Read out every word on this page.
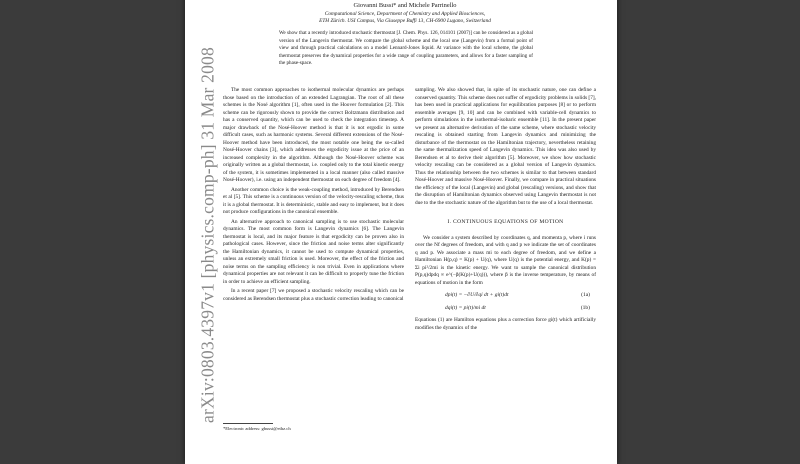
Giovanni Bussi* and Michele Parrinello
Computational Science, Department of Chemistry and Applied Biosciences,
ETH Zürich. USI Campus, Via Giuseppe Buffi 13, CH-6900 Lugano, Switzerland
We show that a recently introduced stochastic thermostat [J. Chem. Phys. 126, 014101 (2007)] can be considered as a global version of the Langevin thermostat. We compare the global scheme and the local one (Langevin) from a formal point of view and through practical calculations on a model Lennard-Jones liquid. At variance with the local scheme, the global thermostat preserves the dynamical properties for a wide range of coupling parameters, and allows for a faster sampling of the phase-space.

The most common approaches to isothermal molecular dynamics are perhaps those based on the introduction of an extended Lagrangian. The root of all these schemes is the Nosé algorithm [1], often used in the Hoover formulation [2]. This scheme can be rigorously shown to provide the correct Boltzmann distribution and has a conserved quantity, which can be used to check the integration timestep. A major drawback of the Nosé-Hoover method is that it is not ergodic in some difficult cases, such as harmonic systems. Several different extensions of the Nosé-Hoover method have been introduced, the most notable one being the so-called Nosé-Hoover chains [3], which addresses the ergodicity issue at the price of an increased complexity in the algorithm. Although the Nosé-Hoover scheme was originally written as a global thermostat, i.e. coupled only to the total kinetic energy of the system, it is sometimes implemented in a local manner (also called massive Nosé-Hoover), i.e. using an independent thermostat on each degree of freedom [4].

Another common choice is the weak-coupling method, introduced by Berendsen et al [5]. This scheme is a continuous version of the velocity-rescaling scheme, thus it is a global thermostat. It is deterministic, stable and easy to implement, but it does not produce configurations in the canonical ensemble.

An alternative approach to canonical sampling is to use stochastic molecular dynamics. The most common form is Langevin dynamics [6]. The Langevin thermostat is local, and its major feature is that ergodicity can be proven also in pathological cases. However, since the friction and noise terms alter significantly the Hamiltonian dynamics, it cannot be used to compute dynamical properties, unless an extremely small friction is used. Moreover, the effect of the friction and noise terms on the sampling efficiency is non trivial. Even in applications where dynamical properties are not relevant it can be difficult to properly tune the friction in order to achieve an efficient sampling.

In a recent paper [7] we proposed a stochastic velocity rescaling which can be considered as Berendsen thermostat plus a stochastic correction leading to canonical

sampling. We also showed that, in spite of its stochastic nature, one can define a conserved quantity. This scheme does not suffer of ergodicity problems in solids [7], has been used in practical applications for equilibration purposes [8] or to perform ensemble averages [9, 10] and can be combined with variable-cell dynamics to perform simulations in the isothermal-isobaric ensemble [11]. In the present paper we present an alternative derivation of the same scheme, where stochastic velocity rescaling is obtained starting from Langevin dynamics and minimizing the disturbance of the thermostat on the Hamiltonian trajectory, nevertheless retaining the same thermalization speed of Langevin dynamics. This idea was also used by Berendsen et al to derive their algorithm [5]. Moreover, we show how stochastic velocity rescaling can be considered as a global version of Langevin dynamics. Thus the relationship between the two schemes is similar to that between standard Nosé-Hoover and massive Nosé-Hoover. Finally, we compare in practical situations the efficiency of the local (Langevin) and global (rescaling) versions, and show that the disruption of Hamiltonian dynamics observed using Langevin thermostat is not due to the the stochastic nature of the algorithm but to the use of a local thermostat.

I. CONTINUOUS EQUATIONS OF MOTION

We consider a system described by coordinates q, and momenta p, where i runs over the Nf degrees of freedom, and with q and p we indicate the set of coordinates q and p. We associate a mass mi to each degree of freedom, and we define a Hamiltonian H(p,q) = K(p) + U(q), where U(q) is the potential energy, and K(p) = Σi pi²/2mi is the kinetic energy. We want to sample the canonical distribution P(p,q)dpdq ∝ e^(−β(K(p)+U(q))), where β is the inverse temperature, by means of equations of motion in the form

dpi(t) = −∂U/∂qi dt + gi(t)dt	(1a)
dqi(t) = pi(t)/mi dt	(1b)

Equations (1) are Hamilton equations plus a correction force gi(t) which artificially modifies the dynamics of the

*Electronic address: gbussi@ethz.ch
arXiv:0803.4397v1 [physics.comp-ph] 31 Mar 2008
